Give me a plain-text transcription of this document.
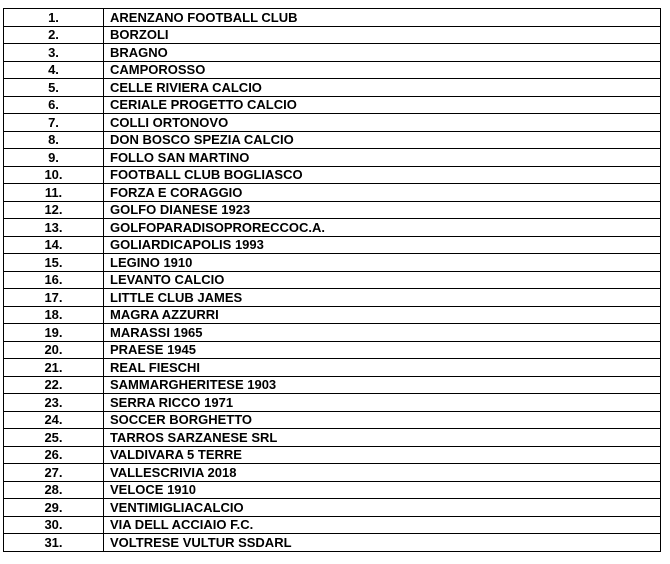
1.	ARENZANO FOOTBALL CLUB
2.	BORZOLI
3.	BRAGNO
4.	CAMPOROSSO
5.	CELLE RIVIERA CALCIO
6.	CERIALE PROGETTO CALCIO
7.	COLLI ORTONOVO
8.	DON BOSCO SPEZIA CALCIO
9.	FOLLO SAN MARTINO
10.	FOOTBALL CLUB BOGLIASCO
11.	FORZA E CORAGGIO
12.	GOLFO DIANESE 1923
13.	GOLFOPARADISOPRORECCOC.A.
14.	GOLIARDICAPOLIS 1993
15.	LEGINO 1910
16.	LEVANTO CALCIO
17.	LITTLE CLUB JAMES
18.	MAGRA AZZURRI
19.	MARASSI 1965
20.	PRAESE 1945
21.	REAL FIESCHI
22.	SAMMARGHERITESE 1903
23.	SERRA RICCO 1971
24.	SOCCER BORGHETTO
25.	TARROS SARZANESE SRL
26.	VALDIVARA 5 TERRE
27.	VALLESCRIVIA 2018
28.	VELOCE 1910
29.	VENTIMIGLIACALCIO
30.	VIA DELL ACCIAIO F.C.
31.	VOLTRESE VULTUR SSDARL
